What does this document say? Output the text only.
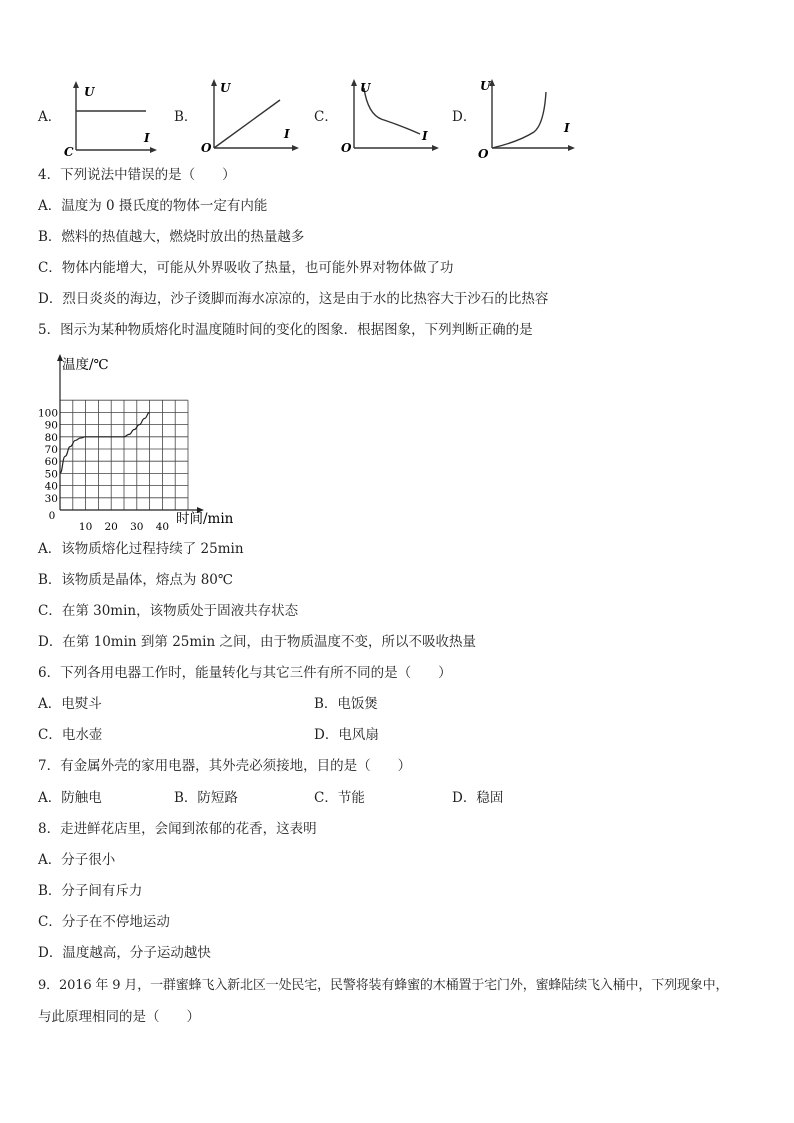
A．
U
I
C
B．
U
I
O
C．
U
I
O
D．
U
I
O
4．下列说法中错误的是（　　）
A．温度为 0 摄氏度的物体一定有内能
B．燃料的热值越大，燃烧时放出的热量越多
C．物体内能增大，可能从外界吸收了热量，也可能外界对物体做了功
D．烈日炎炎的海边，沙子烫脚而海水凉凉的，这是由于水的比热容大于沙石的比热容
5．图示为某种物质熔化时温度随时间的变化的图象．根据图象，下列判断正确的是
30
40
50
60
70
80
90
100
0
10 20 30 40
温度/℃
时间/min
A．该物质熔化过程持续了 25min
B．该物质是晶体，熔点为 80℃
C．在第 30min，该物质处于固液共存状态
D．在第 10min 到第 25min 之间，由于物质温度不变，所以不吸收热量
6．下列各用电器工作时，能量转化与其它三件有所不同的是（　　）
A．电熨斗	B．电饭煲
C．电水壶	D．电风扇
7．有金属外壳的家用电器，其外壳必须接地，目的是（　　）
A．防触电	B．防短路	C．节能	D．稳固
8．走进鲜花店里，会闻到浓郁的花香，这表明
A．分子很小
B．分子间有斥力
C．分子在不停地运动
D．温度越高，分子运动越快
9．2016 年 9 月，一群蜜蜂飞入新北区一处民宅，民警将装有蜂蜜的木桶置于宅门外，蜜蜂陆续飞入桶中，下列现象中，
与此原理相同的是（　　）
